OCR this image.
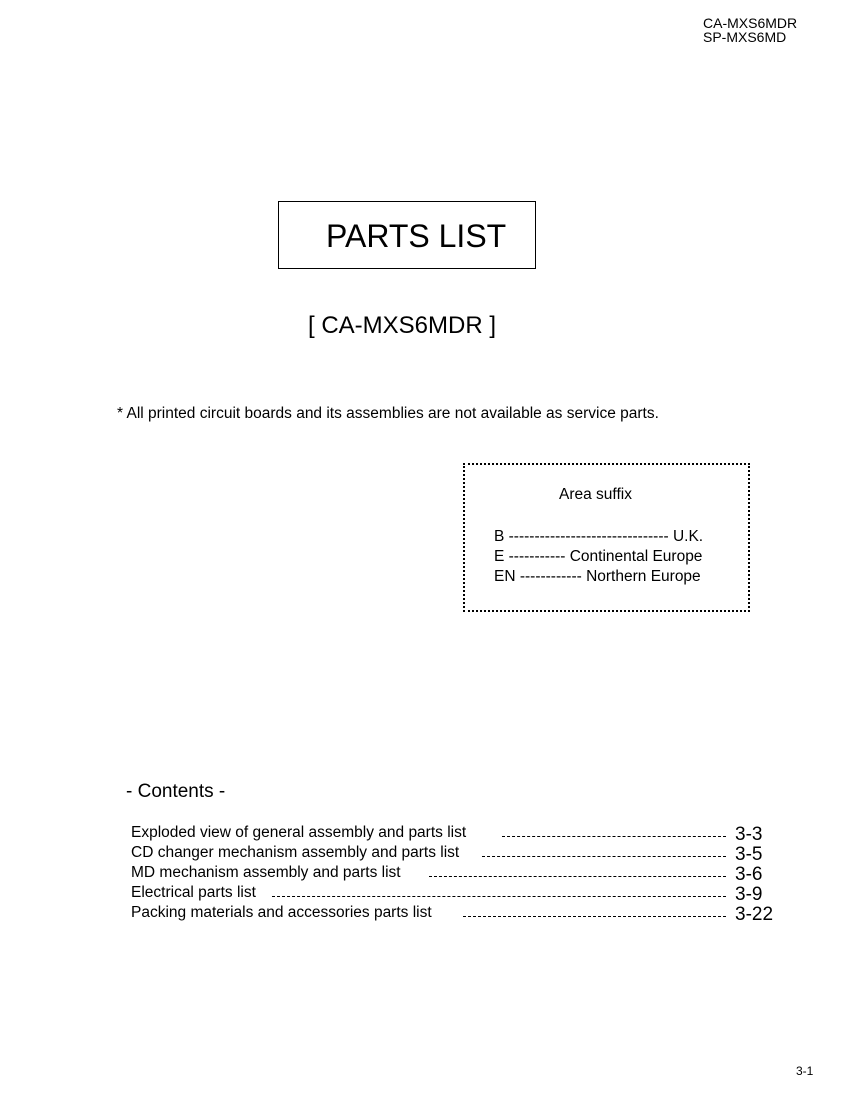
CA-MXS6MDR
SP-MXS6MD
PARTS LIST
[ CA-MXS6MDR ]
* All printed circuit boards and its assemblies are not available as service parts.
Area suffix
B ------------------------------- U.K.
E ----------- Continental Europe
EN ------------ Northern Europe
- Contents -
Exploded view of general assembly and parts list	3-3
CD changer mechanism assembly and parts list	3-5
MD mechanism assembly and parts list	3-6
Electrical parts list	3-9
Packing materials and accessories parts list	3-22
3-1
